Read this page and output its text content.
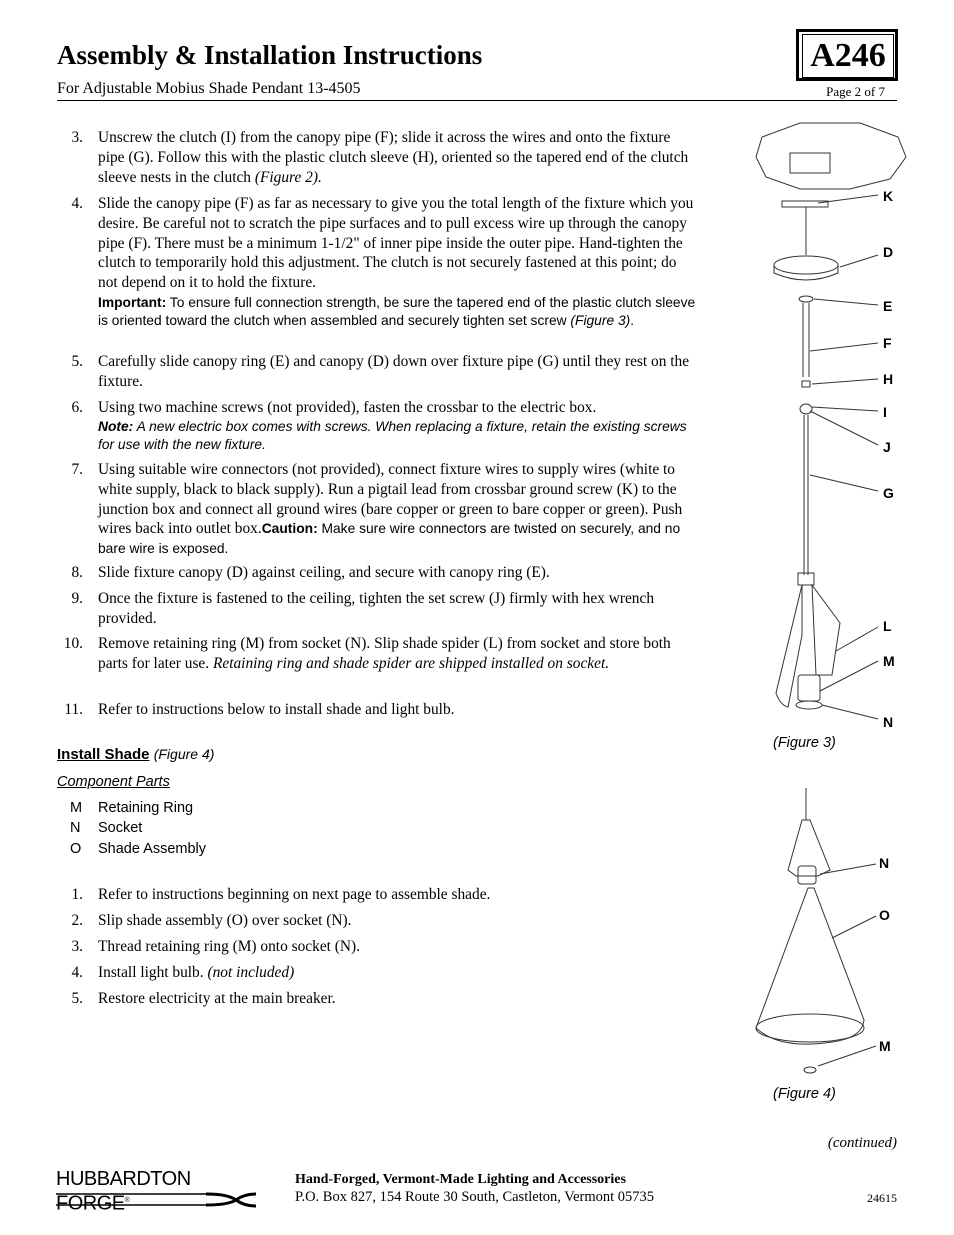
Assembly & Installation Instructions
For Adjustable Mobius Shade Pendant 13-4505	Page 2 of 7
A246
3. Unscrew the clutch (I) from the canopy pipe (F); slide it across the wires and onto the fixture pipe (G). Follow this with the plastic clutch sleeve (H), oriented so the tapered end of the clutch sleeve nests in the clutch (Figure 2).
4. Slide the canopy pipe (F) as far as necessary to give you the total length of the fixture which you desire. Be careful not to scratch the pipe surfaces and to pull excess wire up through the canopy pipe (F). There must be a minimum 1-1/2" of inner pipe inside the outer pipe. Hand-tighten the clutch to temporarily hold this adjustment. The clutch is not securely fastened at this point; do not depend on it to hold the fixture.
Important: To ensure full connection strength, be sure the tapered end of the plastic clutch sleeve is oriented toward the clutch when assembled and securely tighten set screw (Figure 3).
5. Carefully slide canopy ring (E) and canopy (D) down over fixture pipe (G) until they rest on the fixture.
6. Using two machine screws (not provided), fasten the crossbar to the electric box.
Note: A new electric box comes with screws. When replacing a fixture, retain the existing screws for use with the new fixture.
7. Using suitable wire connectors (not provided), connect fixture wires to supply wires (white to white supply, black to black supply). Run a pigtail lead from crossbar ground screw (K) to the junction box and connect all ground wires (bare copper or green to bare copper or green). Push wires back into outlet box.Caution: Make sure wire connectors are twisted on securely, and no bare wire is exposed.
8. Slide fixture canopy (D) against ceiling, and secure with canopy ring (E).
9. Once the fixture is fastened to the ceiling, tighten the set screw (J) firmly with hex wrench provided.
10. Remove retaining ring (M) from socket (N). Slip shade spider (L) from socket and store both parts for later use. Retaining ring and shade spider are shipped installed on socket.
11. Refer to instructions below to install shade and light bulb.
Install Shade (Figure 4)
Component Parts
M Retaining Ring
N Socket
O Shade Assembly
1. Refer to instructions beginning on next page to assemble shade.
2. Slip shade assembly (O) over socket (N).
3. Thread retaining ring (M) onto socket (N).
4. Install light bulb. (not included)
5. Restore electricity at the main breaker.
K
D
E
F
H
I
J
G
L
M
N
(Figure 3)
N
O
M
(Figure 4)
(continued)
HUBBARDTON FORGE®
Hand-Forged, Vermont-Made Lighting and Accessories
P.O. Box 827, 154 Route 30 South, Castleton, Vermont 05735	24615
